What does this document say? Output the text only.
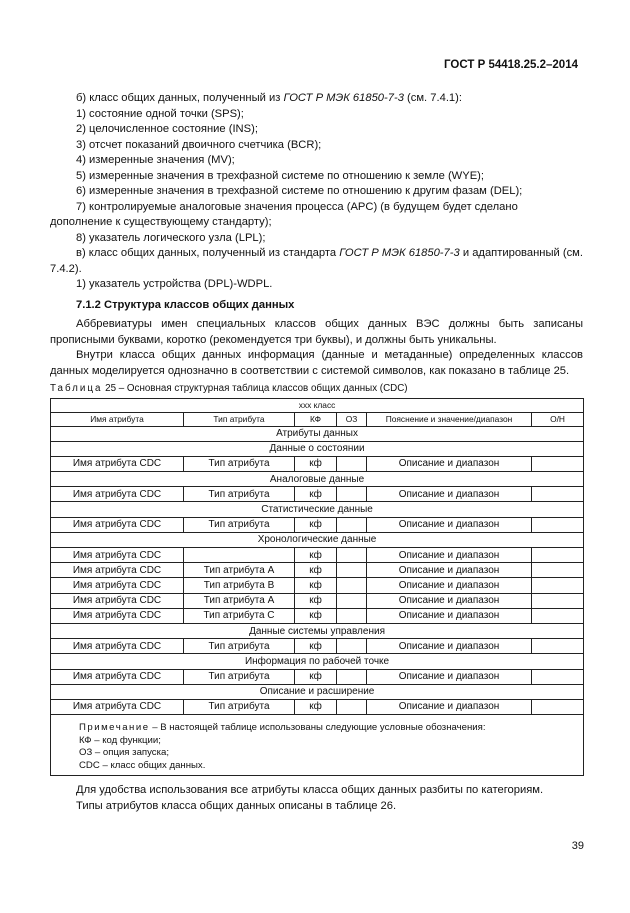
ГОСТ Р 54418.25.2–2014

б) класс общих данных, полученный из ГОСТ Р МЭК 61850-7-3 (см. 7.4.1):

1) состояние одной точки (SPS);

2) целочисленное состояние (INS);

3) отсчет показаний двоичного счетчика (BCR);

4) измеренные значения (MV);

5) измеренные значения в трехфазной системе по отношению к земле (WYE);

6) измеренные значения в трехфазной системе по отношению к другим фазам (DEL);

7) контролируемые аналоговые значения процесса (APC) (в будущем будет сделано дополнение к существующему стандарту);

8) указатель логического узла (LPL);

в) класс общих данных, полученный из стандарта ГОСТ Р МЭК 61850-7-3 и адаптированный (см. 7.4.2).

1) указатель устройства (DPL)-WDPL.

7.1.2 Структура классов общих данных

Аббревиатуры имен специальных классов общих данных ВЭС должны быть записаны прописными буквами, коротко (рекомендуется три буквы), и должны быть уникальны.

Внутри класса общих данных информация (данные и метаданные) определенных классов данных моделируется однозначно в соответствии с системой символов, как показано в таблице 25.

Таблица 25 – Основная структурная таблица классов общих данных (CDC)

ххх класс					
Имя атрибута	Тип атрибута	КФ	ОЗ	Пояснение и значение/диапазон	О/Н
Атрибуты данных					
Данные о состоянии					
Имя атрибута CDC	Тип атрибута	кф		Описание и диапазон	
Аналоговые данные					
Имя атрибута CDC	Тип атрибута	кф		Описание и диапазон	
Статистические данные					
Имя атрибута CDC	Тип атрибута	кф		Описание и диапазон	
Хронологические данные					
Имя атрибута CDC		кф		Описание и диапазон	
Имя атрибута CDC	Тип атрибута A	кф		Описание и диапазон	
Имя атрибута CDC	Тип атрибута B	кф		Описание и диапазон	
Имя атрибута CDC	Тип атрибута A	кф		Описание и диапазон	
Имя атрибута CDC	Тип атрибута C	кф		Описание и диапазон	
Данные системы управления					
Имя атрибута CDC	Тип атрибута	кф		Описание и диапазон	
Информация по рабочей точке					
Имя атрибута CDC	Тип атрибута	кф		Описание и диапазон	
Описание и расширение					
Имя атрибута CDC	Тип атрибута	кф		Описание и диапазон	

Примечание – В настоящей таблице использованы следующие условные обозначения:
КФ – код функции;
ОЗ – опция запуска;
CDC – класс общих данных.					

Для удобства использования все атрибуты класса общих данных разбиты по категориям.

Типы атрибутов класса общих данных описаны в таблице 26.

39
